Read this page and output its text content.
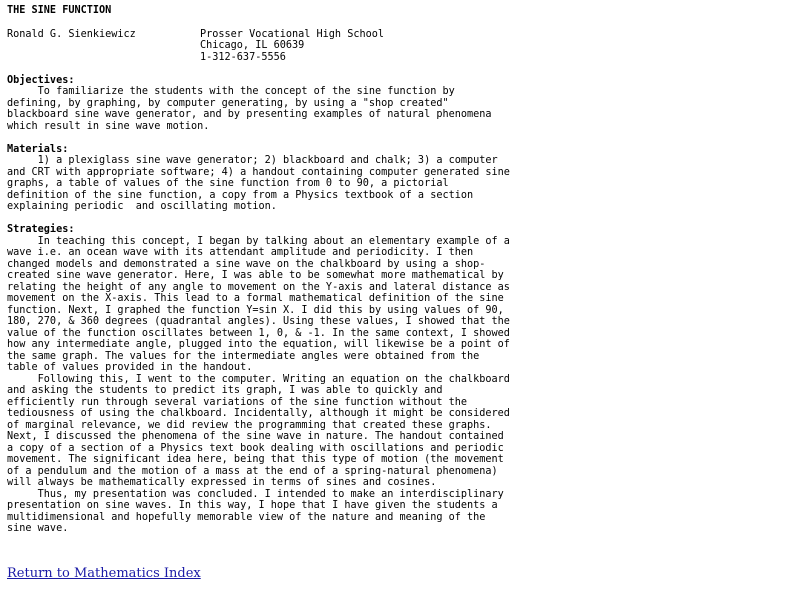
THE SINE FUNCTION
Ronald G. Sienkiewicz	Prosser Vocational High School
Chicago, IL 60639
1-312-637-5556
Objectives:
To familiarize the students with the concept of the sine function by
defining, by graphing, by computer generating, by using a "shop created"
blackboard sine wave generator, and by presenting examples of natural phenomena
which result in sine wave motion.
Materials:
1) a plexiglass sine wave generator; 2) blackboard and chalk; 3) a computer
and CRT with appropriate software; 4) a handout containing computer generated sine
graphs, a table of values of the sine function from 0 to 90, a pictorial
definition of the sine function, a copy from a Physics textbook of a section
explaining periodic  and oscillating motion.
Strategies:
In teaching this concept, I began by talking about an elementary example of a
wave i.e. an ocean wave with its attendant amplitude and periodicity. I then
changed models and demonstrated a sine wave on the chalkboard by using a shop-
created sine wave generator. Here, I was able to be somewhat more mathematical by
relating the height of any angle to movement on the Y-axis and lateral distance as
movement on the X-axis. This lead to a formal mathematical definition of the sine
function. Next, I graphed the function Y=sin X. I did this by using values of 90,
180, 270, & 360 degrees (quadrantal angles). Using these values, I showed that the
value of the function oscillates between 1, 0, & -1. In the same context, I showed
how any intermediate angle, plugged into the equation, will likewise be a point of
the same graph. The values for the intermediate angles were obtained from the
table of values provided in the handout.
Following this, I went to the computer. Writing an equation on the chalkboard
and asking the students to predict its graph, I was able to quickly and
efficiently run through several variations of the sine function without the
tediousness of using the chalkboard. Incidentally, although it might be considered
of marginal relevance, we did review the programming that created these graphs.
Next, I discussed the phenomena of the sine wave in nature. The handout contained
a copy of a section of a Physics text book dealing with oscillations and periodic
movement. The significant idea here, being that this type of motion (the movement
of a pendulum and the motion of a mass at the end of a spring-natural phenomena)
will always be mathematically expressed in terms of sines and cosines.
Thus, my presentation was concluded. I intended to make an interdisciplinary
presentation on sine waves. In this way, I hope that I have given the students a
multidimensional and hopefully memorable view of the nature and meaning of the
sine wave.
Return to Mathematics Index
